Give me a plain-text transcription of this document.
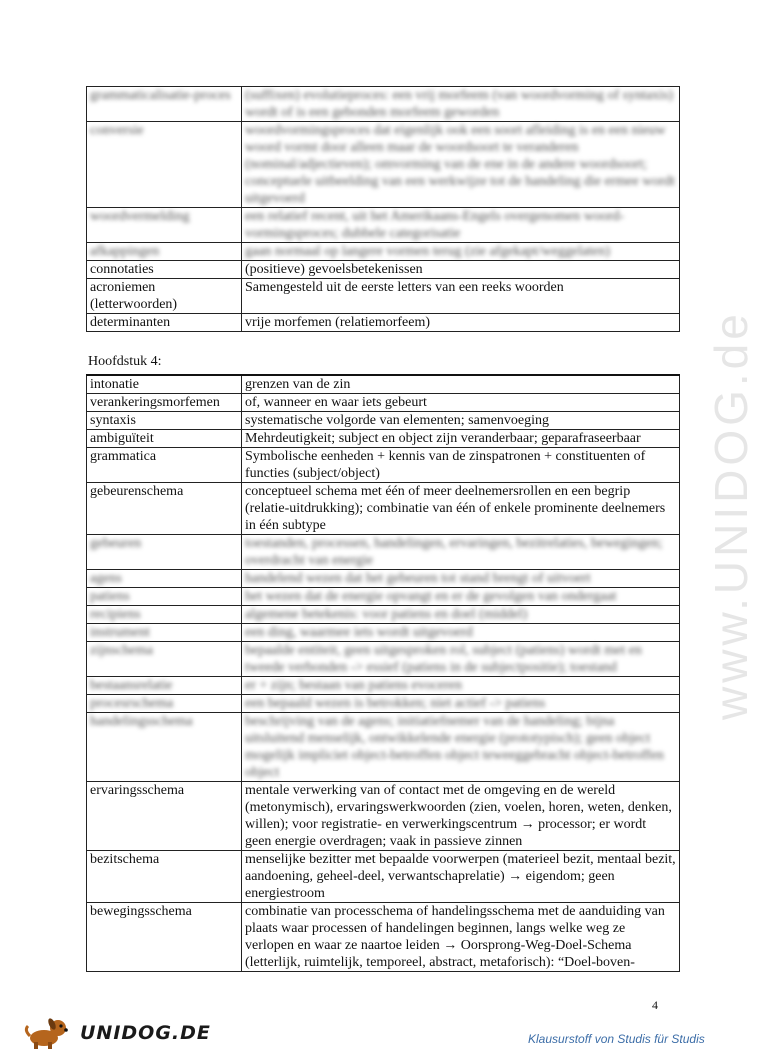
www.UNIDOG.de
grammaticalisatie-proces	(suffixen) evolutieproces: een vrij morfeem (van woordvorming of syntaxis) wordt of is een gebonden morfeem geworden
conversie	woordvormingsproces dat eigenlijk ook een soort afleiding is en een nieuw woord vormt door alleen maar de woordsoort te veranderen (nominal/adjectieven); omvorming van de ene in de andere woordsoort; conceptuele uitbeelding van een werkwijze tot de handeling die ermee wordt uitgevoerd
woordvermelding	een relatief recent, uit het Amerikaans-Engels overgenomen woord-vormingsproces; dubbele categorisatie
afkappingen	gaan normaal op langere vormen terug (zie afgekapt/weggelaten)
connotaties	(positieve) gevoelsbetekenissen
acroniemen (letterwoorden)	Samengesteld uit de eerste letters van een reeks woorden
determinanten	vrije morfemen (relatiemorfeem)
Hoofdstuk 4:
intonatie	grenzen van de zin
verankeringsmorfemen	of, wanneer en waar iets gebeurt
syntaxis	systematische volgorde van elementen; samenvoeging
ambiguïteit	Mehrdeutigkeit; subject en object zijn veranderbaar; geparafraseerbaar
grammatica	Symbolische eenheden + kennis van de zinspatronen + constituenten of functies (subject/object)
gebeurenschema	conceptueel schema met één of meer deelnemersrollen en een begrip (relatie-uitdrukking); combinatie van één of enkele prominente deelnemers in één subtype
gebeuren	toestanden, processen, handelingen, ervaringen, bezitrelaties, bewegingen; overdracht van energie
agens	handelend wezen dat het gebeuren tot stand brengt of uitvoert
patiens	het wezen dat de energie opvangt en er de gevolgen van ondergaat
recipiens	algemene betekenis: voor patiens en doel (middel)
instrument	een ding, waarmee iets wordt uitgevoerd
zijnschema	bepaalde entiteit, geen uitgesproken rol, subject (patiens) wordt met en tweede verbonden -> essief (patiens in de subjectpositie); toestand
bestaansrelatie	er + zijn; bestaan van patiens evoceren
procesrschema	een bepaald wezen is betrokken; niet actief -> patiens
handelingsschema	beschrijving van de agens; initiatiefnemer van de handeling; bijna uitsluitend menselijk, ontwikkelende energie (prototypisch); geen object mogelijk impliciet object-betroffen object teweeggebracht object-betroffen object
ervaringsschema	mentale verwerking van of contact met de omgeving en de wereld (metonymisch), ervaringswerkwoorden (zien, voelen, horen, weten, denken, willen); voor registratie- en verwerkingscentrum → processor; er wordt geen energie overdragen; vaak in passieve zinnen
bezitschema	menselijke bezitter met bepaalde voorwerpen (materieel bezit, mentaal bezit, aandoening, geheel-deel, verwantschaprelatie) → eigendom; geen energiestroom
bewegingsschema	combinatie van processchema of handelingsschema met de aanduiding van plaats waar processen of handelingen beginnen, langs welke weg ze verlopen en waar ze naartoe leiden → Oorsprong-Weg-Doel-Schema (letterlijk, ruimtelijk, temporeel, abstract, metaforisch): “Doel-boven-
4
UNIDOG.DE	Klausurstoff von Studis für Studis
